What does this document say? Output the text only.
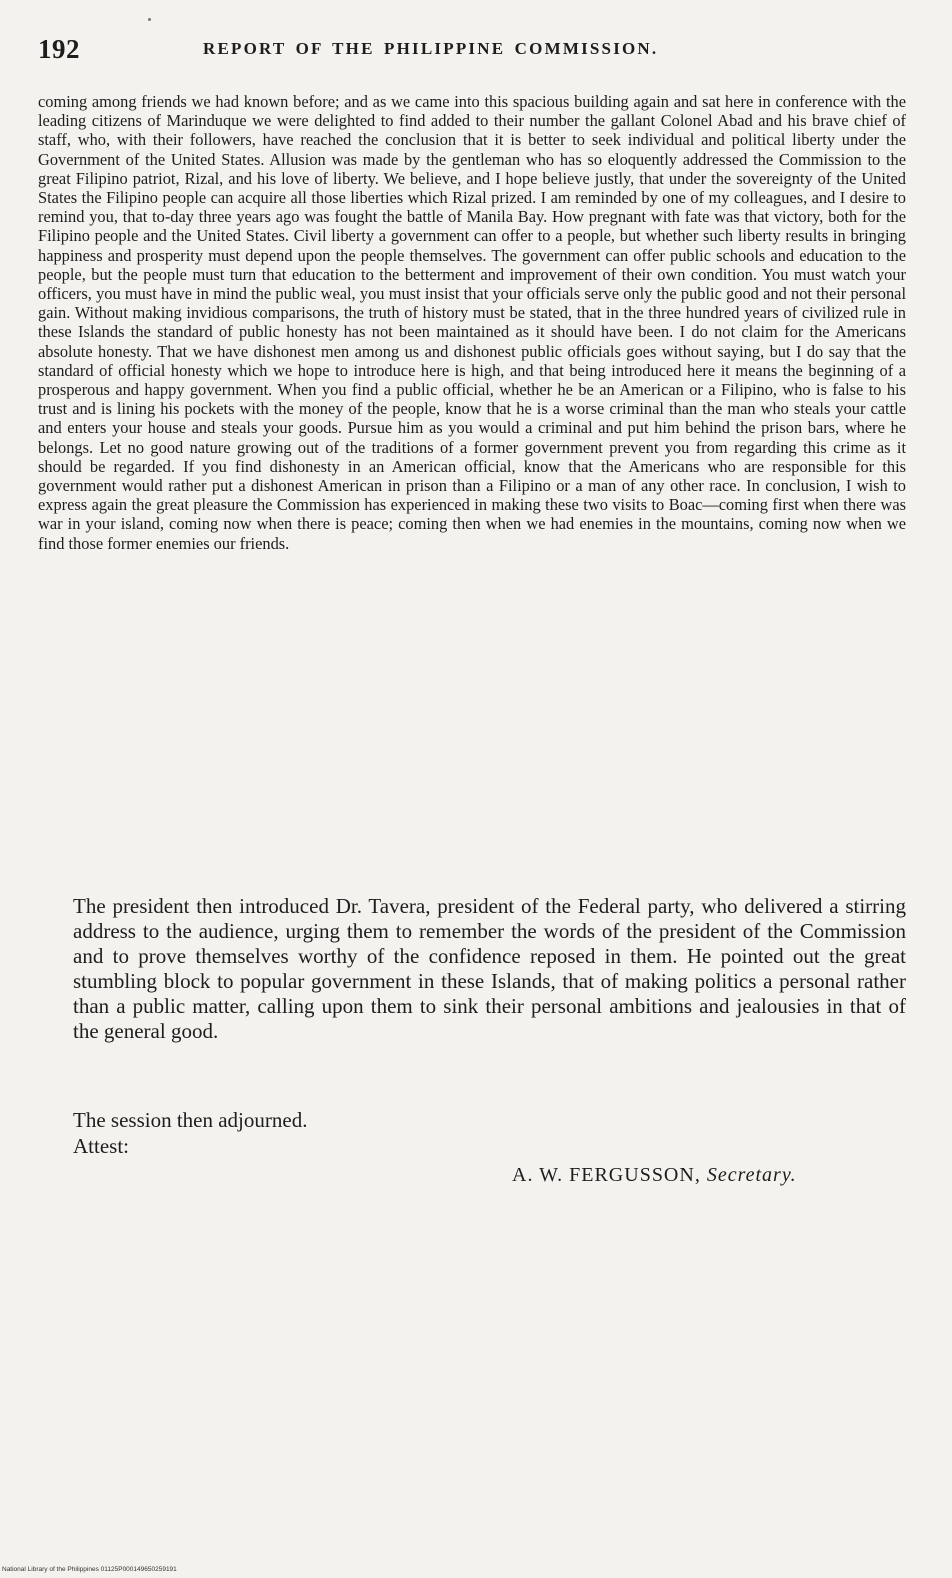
192	REPORT OF THE PHILIPPINE COMMISSION.
coming among friends we had known before; and as we came into this spacious building again and sat here in conference with the leading citizens of Marinduque we were delighted to find added to their number the gallant Colonel Abad and his brave chief of staff, who, with their followers, have reached the conclusion that it is better to seek individual and political liberty under the Government of the United States. Allusion was made by the gentleman who has so eloquently addressed the Commission to the great Filipino patriot, Rizal, and his love of liberty. We believe, and I hope believe justly, that under the sovereignty of the United States the Filipino people can acquire all those liberties which Rizal prized. I am reminded by one of my colleagues, and I desire to remind you, that to-day three years ago was fought the battle of Manila Bay. How pregnant with fate was that victory, both for the Filipino people and the United States. Civil liberty a government can offer to a people, but whether such liberty results in bringing happiness and prosperity must depend upon the people themselves. The government can offer public schools and education to the people, but the people must turn that education to the betterment and improvement of their own condition. You must watch your officers, you must have in mind the public weal, you must insist that your officials serve only the public good and not their personal gain. Without making invidious comparisons, the truth of history must be stated, that in the three hundred years of civilized rule in these Islands the standard of public honesty has not been maintained as it should have been. I do not claim for the Americans absolute honesty. That we have dishonest men among us and dishonest public officials goes without saying, but I do say that the standard of official honesty which we hope to introduce here is high, and that being introduced here it means the beginning of a prosperous and happy government. When you find a public official, whether he be an American or a Filipino, who is false to his trust and is lining his pockets with the money of the people, know that he is a worse criminal than the man who steals your cattle and enters your house and steals your goods. Pursue him as you would a criminal and put him behind the prison bars, where he belongs. Let no good nature growing out of the traditions of a former government prevent you from regarding this crime as it should be regarded. If you find dishonesty in an American official, know that the Americans who are responsible for this government would rather put a dishonest American in prison than a Filipino or a man of any other race. In conclusion, I wish to express again the great pleasure the Commission has experienced in making these two visits to Boac—coming first when there was war in your island, coming now when there is peace; coming then when we had enemies in the mountains, coming now when we find those former enemies our friends.
The president then introduced Dr. Tavera, president of the Federal party, who delivered a stirring address to the audience, urging them to remember the words of the president of the Commission and to prove themselves worthy of the confidence reposed in them. He pointed out the great stumbling block to popular government in these Islands, that of making politics a personal rather than a public matter, calling upon them to sink their personal ambitions and jealousies in that of the general good.
The session then adjourned.
Attest:
A. W. FERGUSSON, Secretary.
National Library of the Philippines 01125P000149650259191
